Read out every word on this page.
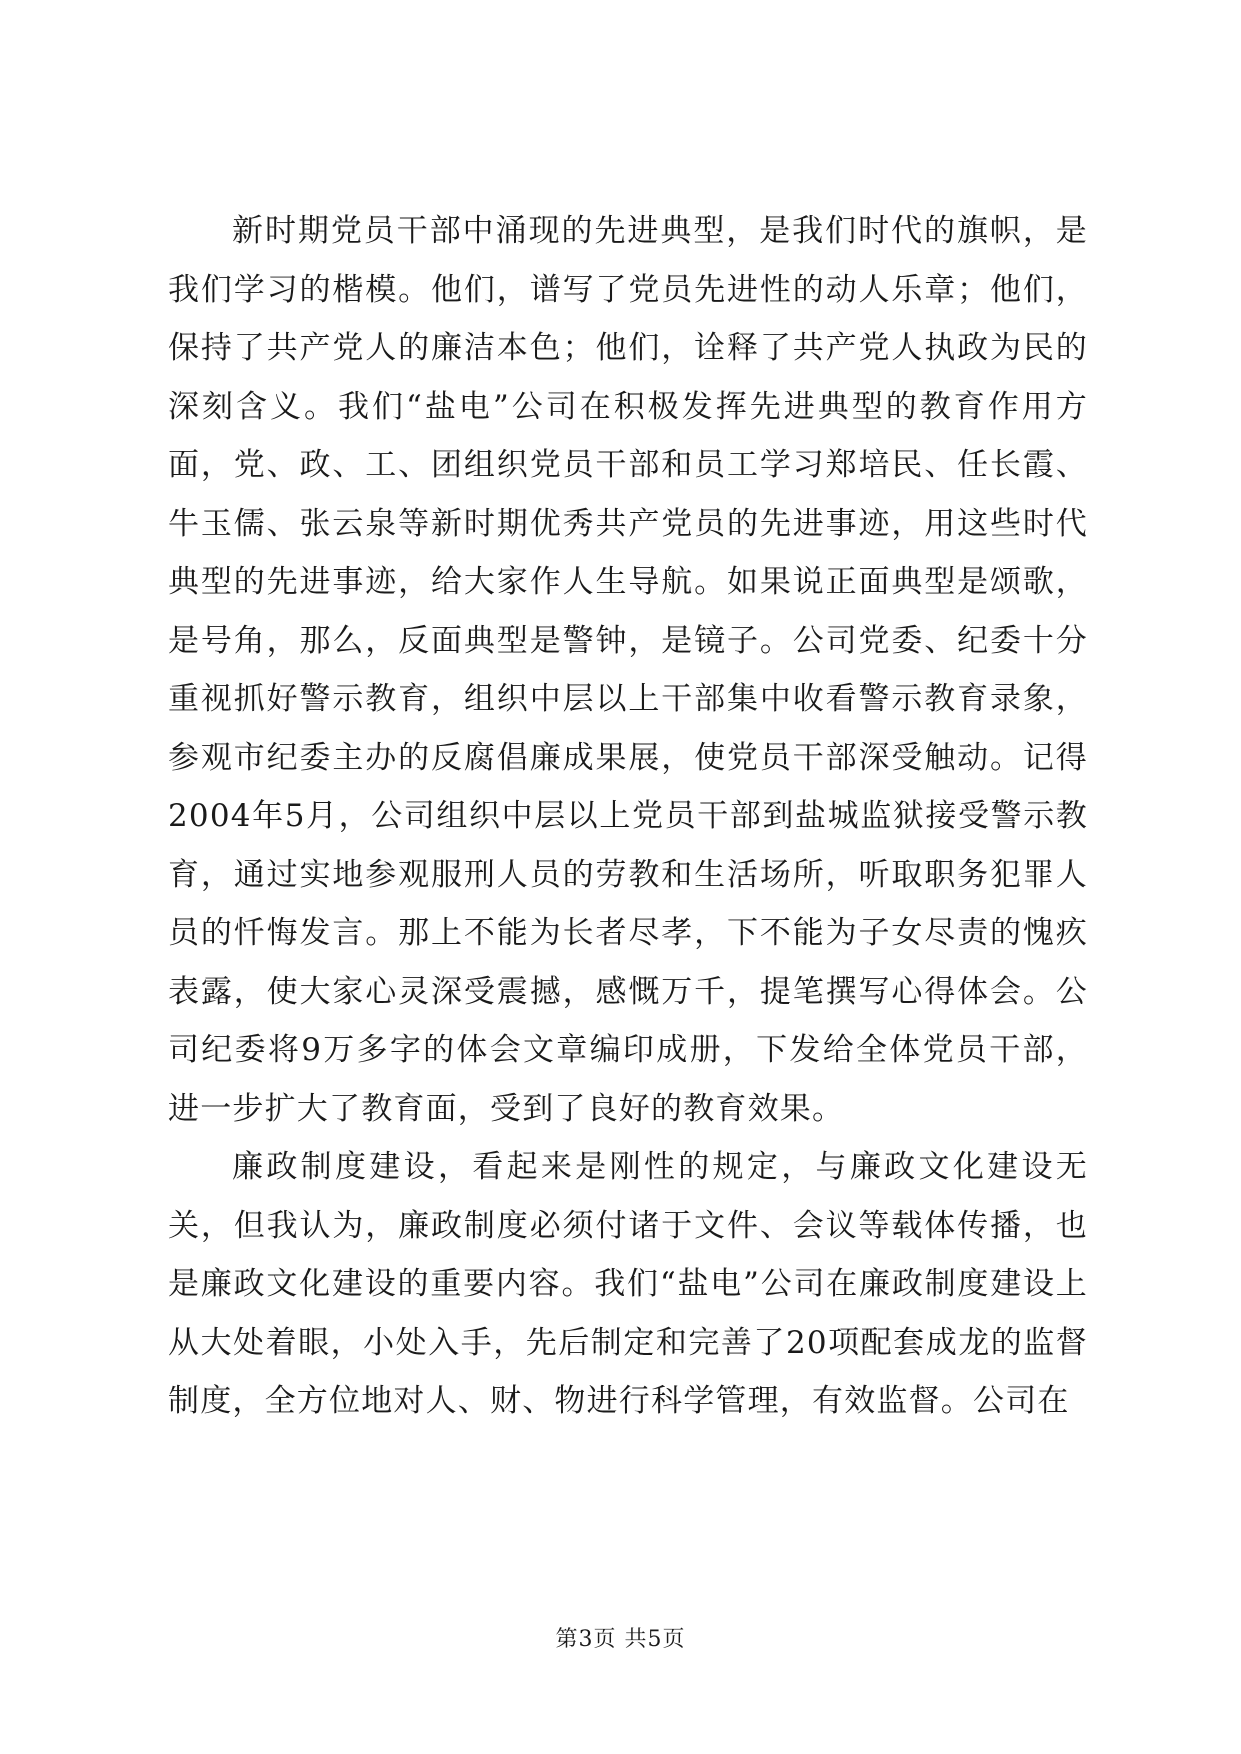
新时期党员干部中涌现的先进典型，是我们时代的旗帜，是我们学习的楷模。他们，谱写了党员先进性的动人乐章；他们，保持了共产党人的廉洁本色；他们，诠释了共产党人执政为民的深刻含义。我们“盐电”公司在积极发挥先进典型的教育作用方面，党、政、工、团组织党员干部和员工学习郑培民、任长霞、牛玉儒、张云泉等新时期优秀共产党员的先进事迹，用这些时代典型的先进事迹，给大家作人生导航。如果说正面典型是颂歌，是号角，那么，反面典型是警钟，是镜子。公司党委、纪委十分重视抓好警示教育，组织中层以上干部集中收看警示教育录象，参观市纪委主办的反腐倡廉成果展，使党员干部深受触动。记得2004年5月，公司组织中层以上党员干部到盐城监狱接受警示教育，通过实地参观服刑人员的劳教和生活场所，听取职务犯罪人员的忏悔发言。那上不能为长者尽孝，下不能为子女尽责的愧疚表露，使大家心灵深受震撼，感慨万千，提笔撰写心得体会。公司纪委将9万多字的体会文章编印成册，下发给全体党员干部，进一步扩大了教育面，受到了良好的教育效果。

廉政制度建设，看起来是刚性的规定，与廉政文化建设无关，但我认为，廉政制度必须付诸于文件、会议等载体传播，也是廉政文化建设的重要内容。我们“盐电”公司在廉政制度建设上从大处着眼，小处入手，先后制定和完善了20项配套成龙的监督制度，全方位地对人、财、物进行科学管理，有效监督。公司在

第3页 共5页
